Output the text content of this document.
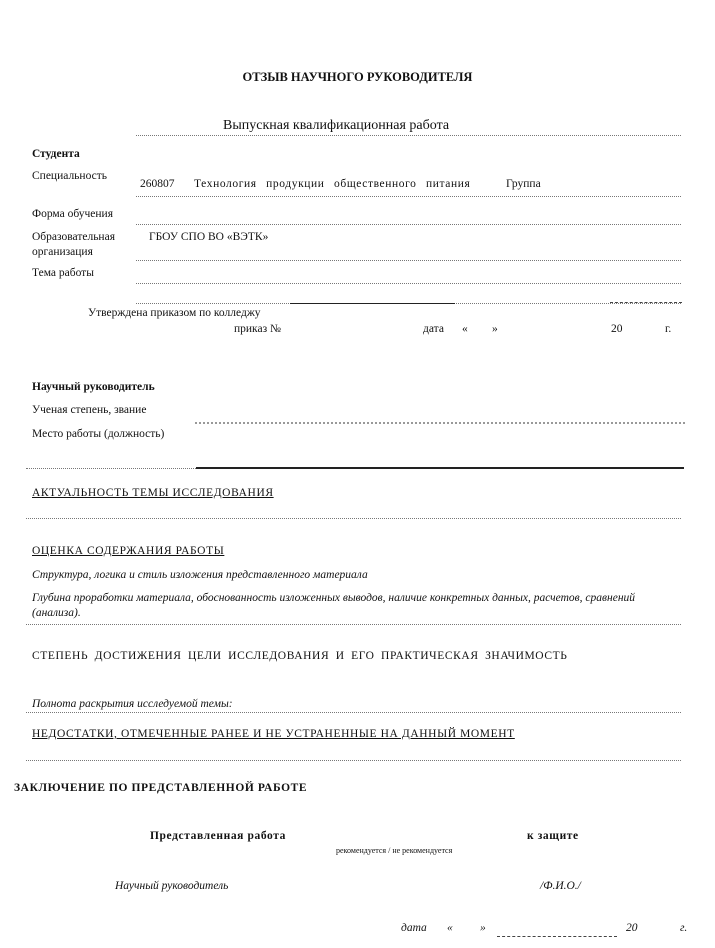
ОТЗЫВ НАУЧНОГО РУКОВОДИТЕЛЯ
Выпускная квалификационная работа
Студента
Специальность
260807 Технология продукции общественного питания	Группа
Форма обучения
Образовательная
организация
ГБОУ СПО ВО «ВЭТК»
Тема работы
Утверждена приказом по колледжу
приказ №	дата « »	20	г.
Научный руководитель
Ученая степень, звание
Место работы (должность)
АКТУАЛЬНОСТЬ ТЕМЫ ИССЛЕДОВАНИЯ
ОЦЕНКА СОДЕРЖАНИЯ РАБОТЫ
Структура, логика и стиль изложения представленного материала
Глубина проработки материала, обоснованность изложенных выводов, наличие конкретных данных, расчетов, сравнений (анализа).
СТЕПЕНЬ ДОСТИЖЕНИЯ ЦЕЛИ ИССЛЕДОВАНИЯ И ЕГО ПРАКТИЧЕСКАЯ ЗНАЧИМОСТЬ
Полнота раскрытия исследуемой темы:
НЕДОСТАТКИ, ОТМЕЧЕННЫЕ РАНЕЕ И НЕ УСТРАНЕННЫЕ НА ДАННЫЙ МОМЕНТ
ЗАКЛЮЧЕНИЕ ПО ПРЕДСТАВЛЕННОЙ РАБОТЕ
Представленная работа	к защите
рекомендуется / не рекомендуется
Научный руководитель	/Ф.И.О./
дата « »	20	г.
